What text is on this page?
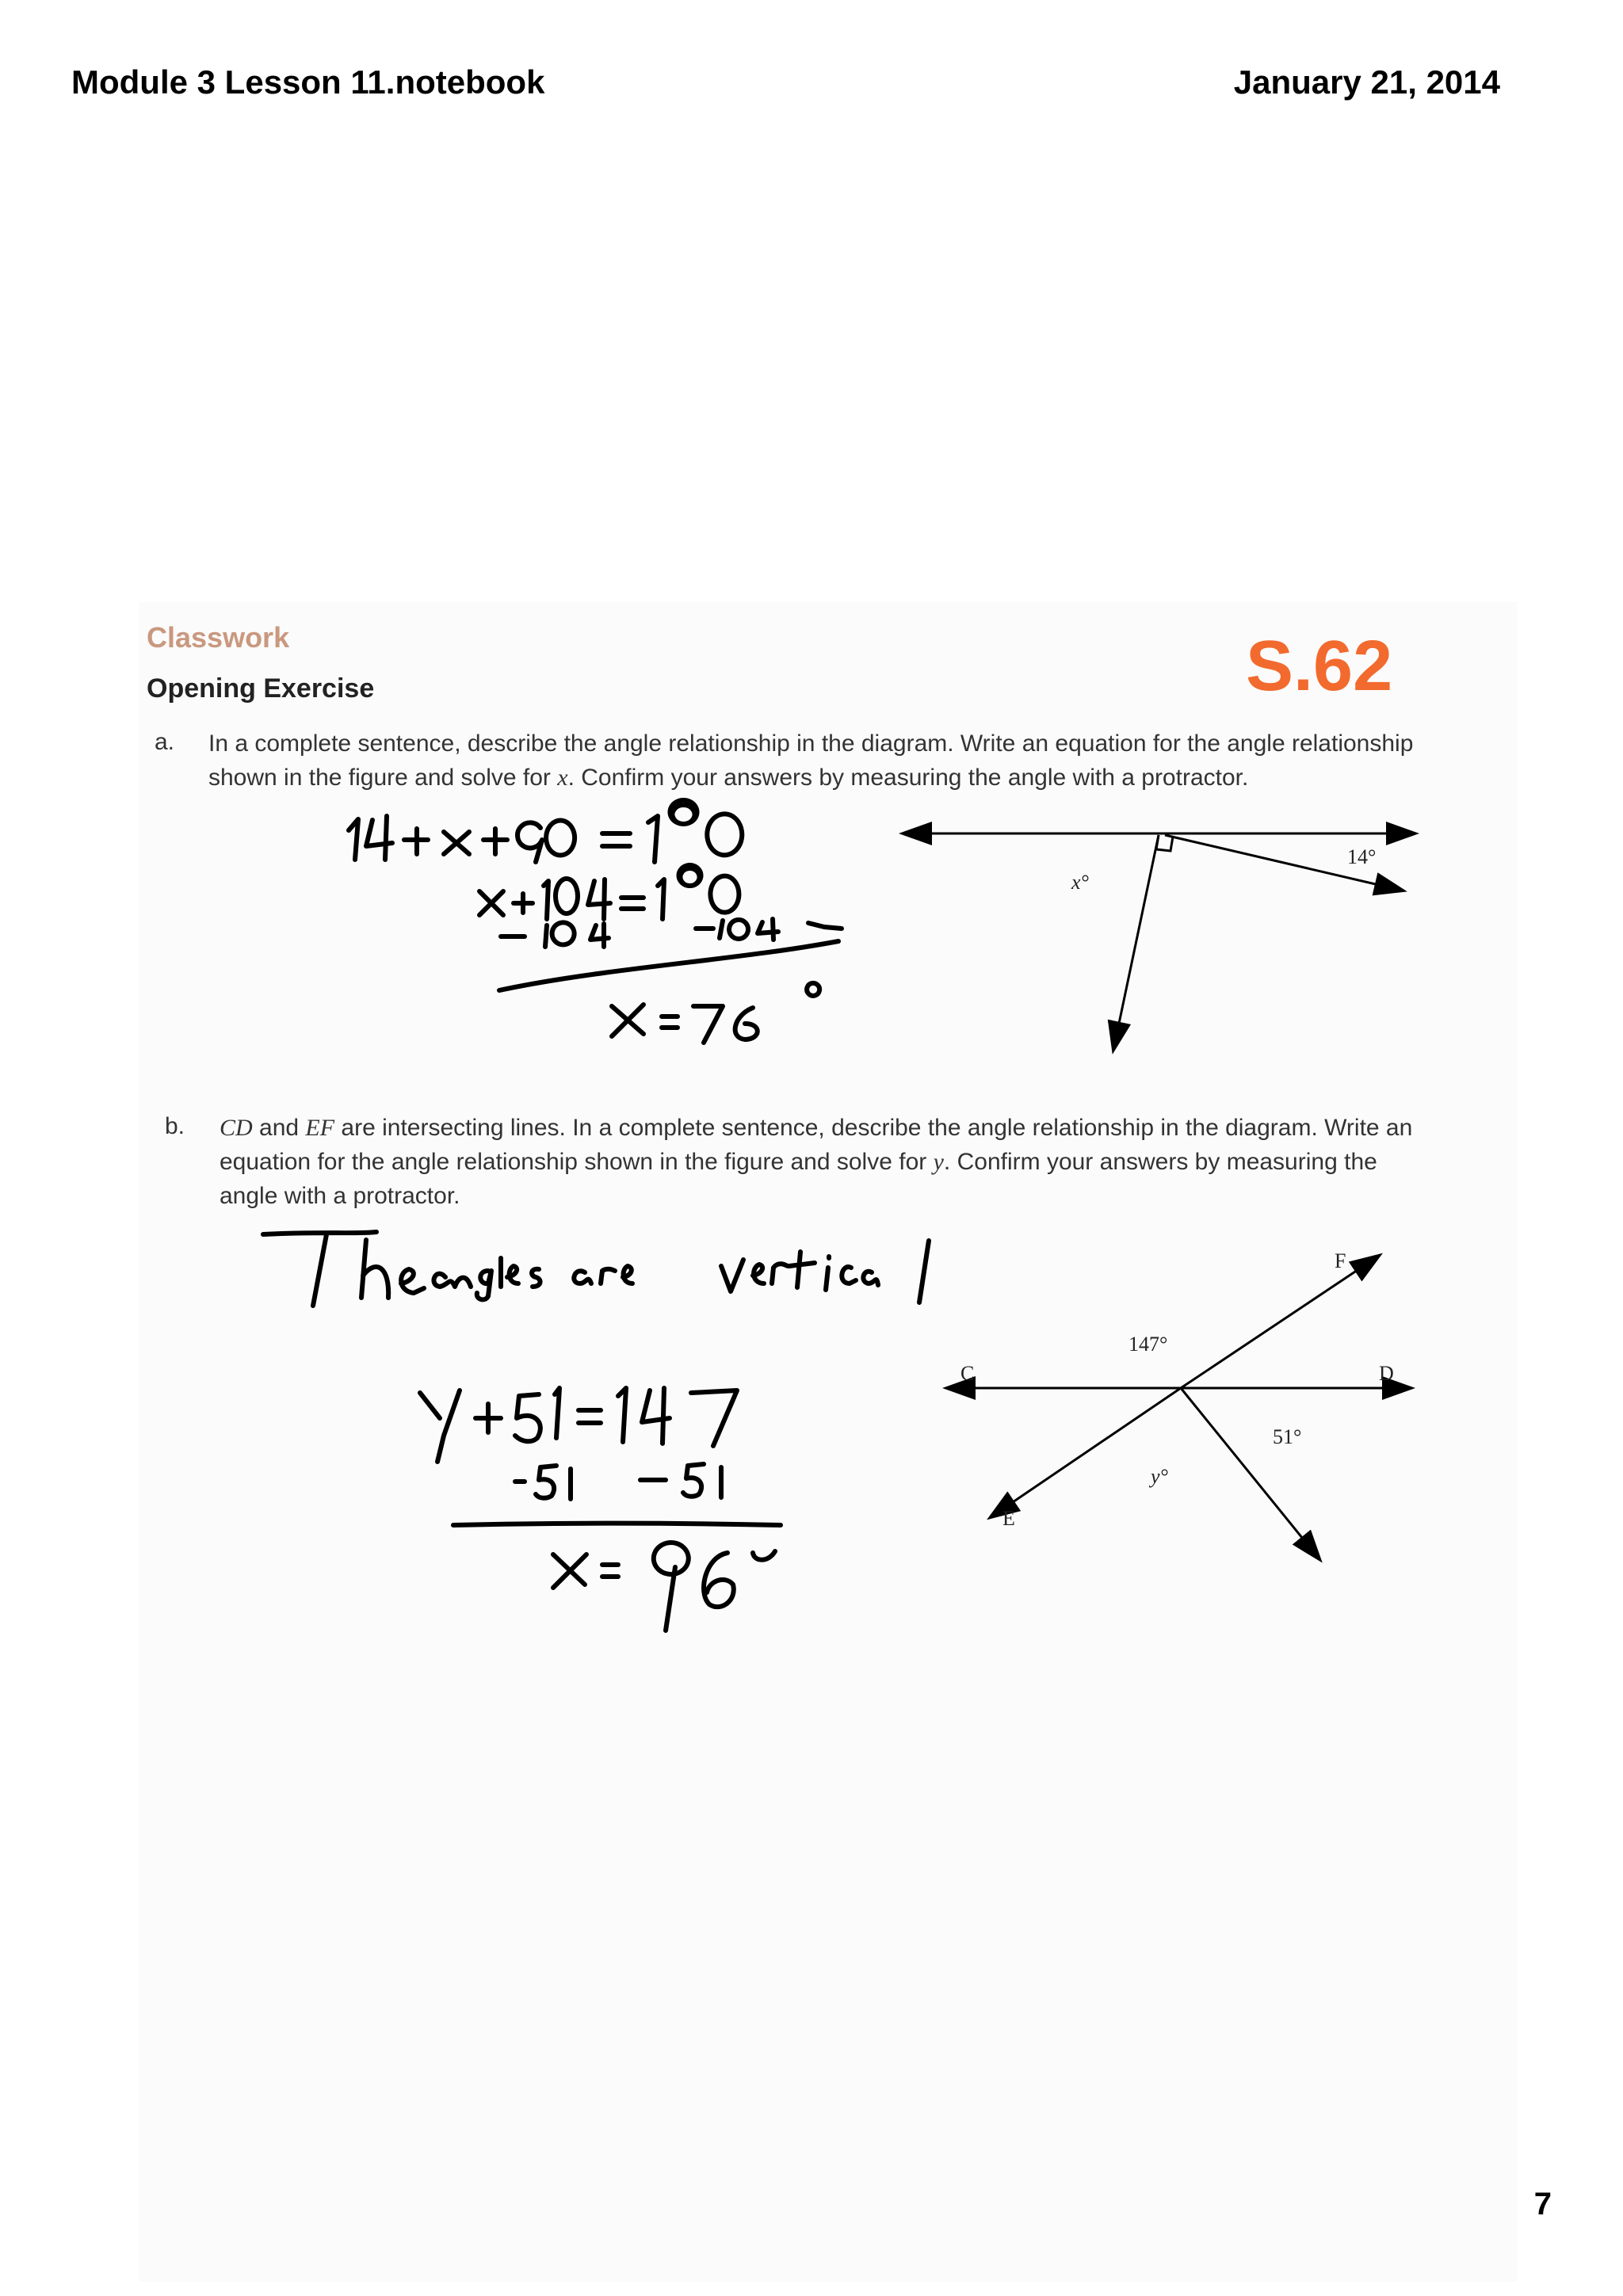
Module 3 Lesson 11.notebook	January 21, 2014
Classwork
Opening Exercise	S.62
a. In a complete sentence, describe the angle relationship in the diagram. Write an equation for the angle relationship
shown in the figure and solve for x. Confirm your answers by measuring the angle with a protractor.
b. CD and EF are intersecting lines. In a complete sentence, describe the angle relationship in the diagram. Write an
equation for the angle relationship shown in the figure and solve for y. Confirm your answers by measuring the
angle with a protractor.
14°
x°
C	D
E
F
147°
51°
y°
7
